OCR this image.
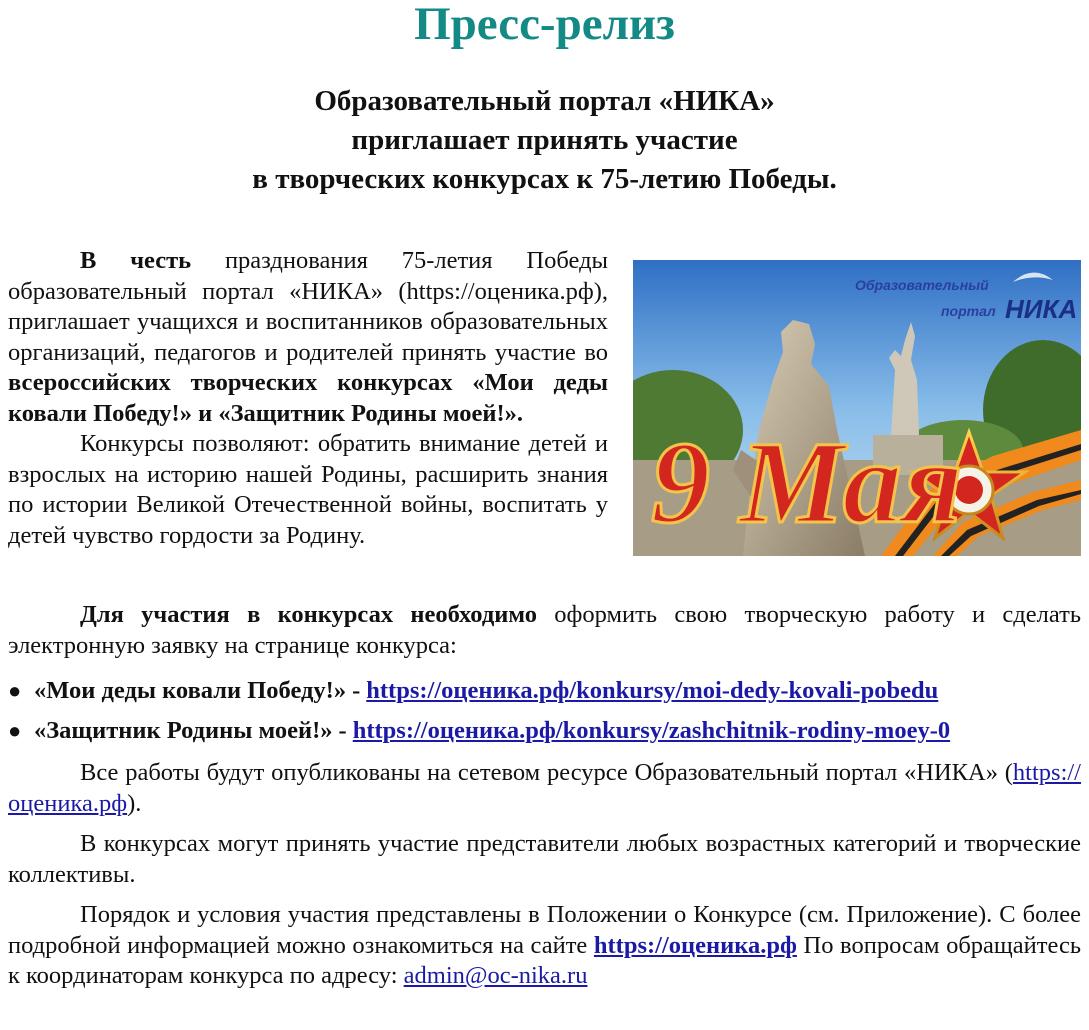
Пресс-релиз
Образовательный портал «НИКА»
приглашает принять участие
в творческих конкурсах к 75-летию Победы.

В честь празднования 75-летия Победы образовательный портал «НИКА» (https://оценика.рф), приглашает учащихся и воспитанников образовательных организаций, педагогов и родителей принять участие во всероссийских творческих конкурсах «Мои деды ковали Победу!» и «Защитник Родины моей!».

Конкурсы позволяют: обратить внимание детей и взрослых на историю нашей Родины, расширить знания по истории Великой Отечественной войны, воспитать у детей чувство гордости за Родину.	9 Мая
Образовательный
портал НИКА

Для участия в конкурсах необходимо оформить свою творческую работу и сделать электронную заявку на странице конкурса:

● «Мои деды ковали Победу!» - https://оценика.рф/konkursy/moi-dedy-kovali-pobedu
● «Защитник Родины моей!» - https://оценика.рф/konkursy/zashchitnik-rodiny-moey-0

Все работы будут опубликованы на сетевом ресурсе Образовательный портал «НИКА» (https://оценика.рф).

В конкурсах могут принять участие представители любых возрастных категорий и творческие коллективы.

Порядок и условия участия представлены в Положении о Конкурсе (см. Приложение). С более подробной информацией можно ознакомиться на сайте https://оценика.рф По вопросам обращайтесь к координаторам конкурса по адресу: admin@oc-nika.ru
